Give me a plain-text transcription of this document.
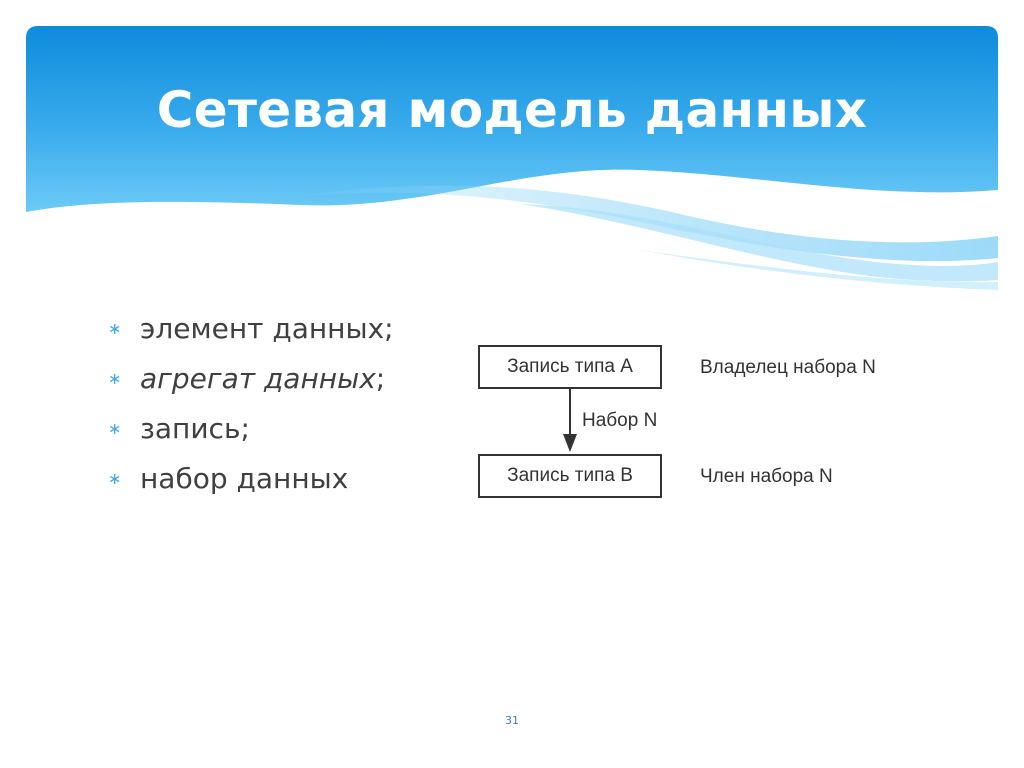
Сетевая модель данных
∗ элемент данных;
∗ агрегат данных;
∗ запись;
∗ набор данных
Запись типа А	Владелец набора N
Набор N
Запись типа В	Член набора N
31
